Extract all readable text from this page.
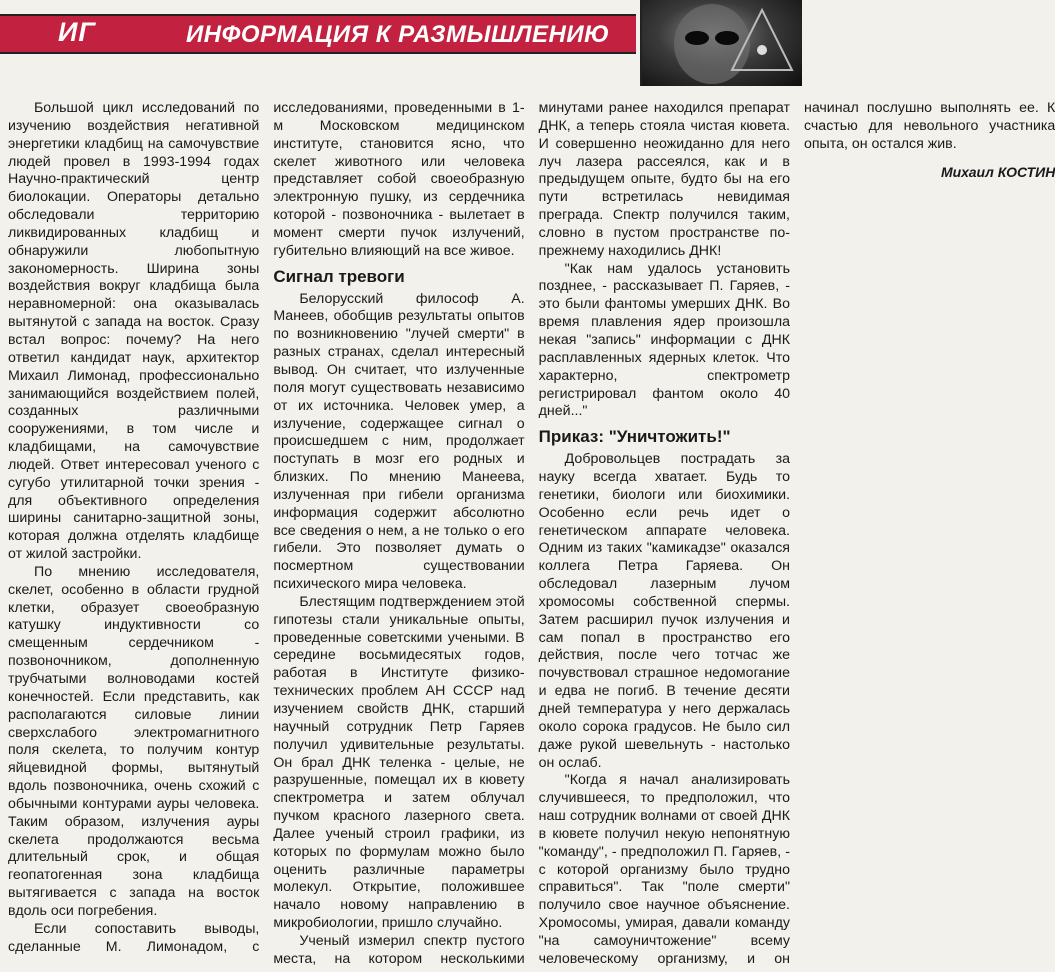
ИГ	ИНФОРМАЦИЯ К РАЗМЫШЛЕНИЮ

Большой цикл исследований по изучению воздействия негативной энергетики кладбищ на самочувствие людей провел в 1993-1994 годах Научно-практический центр биолокации. Операторы детально обследовали территорию ликвидированных кладбищ и обнаружили любопытную закономерность. Ширина зоны воздействия вокруг кладбища была неравномерной: она оказывалась вытянутой с запада на восток. Сразу встал вопрос: почему? На него ответил кандидат наук, архитектор Михаил Лимонад, профессионально занимающийся воздействием полей, созданных различными сооружениями, в том числе и кладбищами, на самочувствие людей. Ответ интересовал ученого с сугубо утилитарной точки зрения - для объективного определения ширины санитарно-защитной зоны, которая должна отделять кладбище от жилой застройки.

По мнению исследователя, скелет, особенно в области грудной клетки, образует своеобразную катушку индуктивности со смещенным сердечником - позвоночником, дополненную трубчатыми волноводами костей конечностей. Если представить, как располагаются силовые линии сверхслабого электромагнитного поля скелета, то получим контур яйцевидной формы, вытянутый вдоль позвоночника, очень схожий с обычными контурами ауры человека. Таким образом, излучения ауры скелета продолжаются весьма длительный срок, и общая геопатогенная зона кладбища вытягивается с запада на восток вдоль оси погребения.

Если сопоставить выводы, сделанные М. Лимонадом, с исследованиями, проведенными в 1-м Московском медицинском институте, становится ясно, что скелет животного или человека представляет собой своеобразную электронную пушку, из сердечника которой - позвоночника - вылетает в момент смерти пучок излучений, губительно влияющий на все живое.

Сигнал тревоги

Белорусский философ А. Манеев, обобщив результаты опытов по возникновению "лучей смерти" в разных странах, сделал интересный вывод. Он считает, что излученные поля могут существовать независимо от их источника. Человек умер, а излучение, содержащее сигнал о происшедшем с ним, продолжает поступать в мозг его родных и близких. По мнению Манеева, излученная при гибели организма информация содержит абсолютно все сведения о нем, а не только о его гибели. Это позволяет думать о посмертном существовании психического мира человека.

Блестящим подтверждением этой гипотезы стали уникальные опыты, проведенные советскими учеными. В середине восьмидесятых годов, работая в Институте физико-технических проблем АН СССР над изучением свойств ДНК, старший научный сотрудник Петр Гаряев получил удивительные результаты. Он брал ДНК теленка - целые, не разрушенные, помещал их в кювету спектрометра и затем облучал пучком красного лазерного света. Далее ученый строил графики, из которых по формулам можно было оценить различные параметры молекул. Открытие, положившее начало новому направлению в микробиологии, пришло случайно.

Ученый измерил спектр пустого места, на котором несколькими минутами ранее находился препарат ДНК, а теперь стояла чистая кювета. И совершенно неожиданно для него луч лазера рассеялся, как и в предыдущем опыте, будто бы на его пути встретилась невидимая преграда. Спектр получился таким, словно в пустом пространстве по-прежнему находились ДНК!

"Как нам удалось установить позднее, - рассказывает П. Гаряев, - это были фантомы умерших ДНК. Во время плавления ядер произошла некая "запись" информации с ДНК расплавленных ядерных клеток. Что характерно, спектрометр регистрировал фантом около 40 дней..."

Приказ: "Уничтожить!"

Добровольцев пострадать за науку всегда хватает. Будь то генетики, биологи или биохимики. Особенно если речь идет о генетическом аппарате человека. Одним из таких "камикадзе" оказался коллега Петра Гаряева. Он обследовал лазерным лучом хромосомы собственной спермы. Затем расширил пучок излучения и сам попал в пространство его действия, после чего тотчас же почувствовал страшное недомогание и едва не погиб. В течение десяти дней температура у него держалась около сорока градусов. Не было сил даже рукой шевельнуть - настолько он ослаб.

"Когда я начал анализировать случившееся, то предположил, что наш сотрудник волнами от своей ДНК в кювете получил некую непонятную "команду", - предположил П. Гаряев, - с которой организму было трудно справиться". Так "поле смерти" получило свое научное объяснение. Хромосомы, умирая, давали команду "на самоуничтожение" всему человеческому организму, и он начинал послушно выполнять ее. К счастью для невольного участника опыта, он остался жив.

Михаил КОСТИН
